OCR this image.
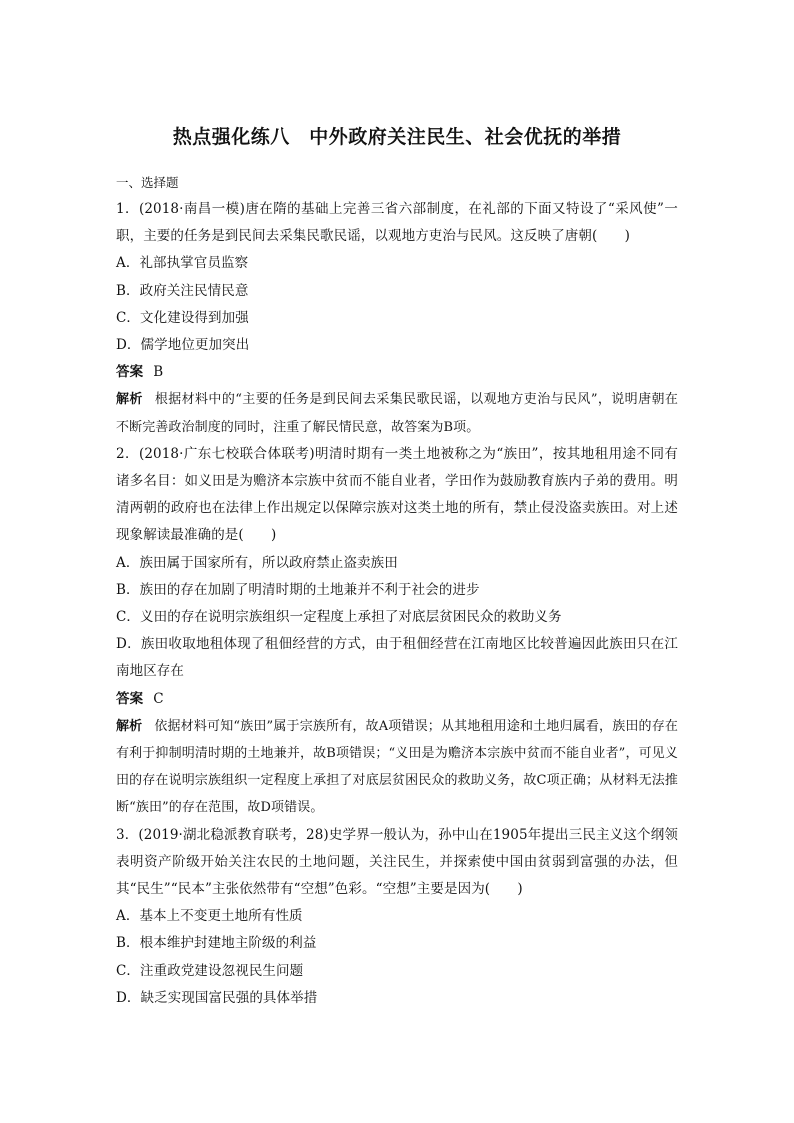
热点强化练八　中外政府关注民生、社会优抚的举措
一、选择题

1．(2018·南昌一模)唐在隋的基础上完善三省六部制度，在礼部的下面又特设了“采风使”一职，主要的任务是到民间去采集民歌民谣，以观地方吏治与民风。这反映了唐朝(　　)

A．礼部执掌官员监察

B．政府关注民情民意

C．文化建设得到加强

D．儒学地位更加突出

答案 B

解析 根据材料中的“主要的任务是到民间去采集民歌民谣，以观地方吏治与民风”，说明唐朝在不断完善政治制度的同时，注重了解民情民意，故答案为B项。

2．(2018·广东七校联合体联考)明清时期有一类土地被称之为“族田”，按其地租用途不同有诸多名目：如义田是为赡济本宗族中贫而不能自业者，学田作为鼓励教育族内子弟的费用。明清两朝的政府也在法律上作出规定以保障宗族对这类土地的所有，禁止侵没盗卖族田。对上述现象解读最准确的是(　　)

A．族田属于国家所有，所以政府禁止盗卖族田

B．族田的存在加剧了明清时期的土地兼并不利于社会的进步

C．义田的存在说明宗族组织一定程度上承担了对底层贫困民众的救助义务

D．族田收取地租体现了租佃经营的方式，由于租佃经营在江南地区比较普遍因此族田只在江南地区存在

答案 C

解析 依据材料可知“族田”属于宗族所有，故A项错误；从其地租用途和土地归属看，族田的存在有利于抑制明清时期的土地兼并，故B项错误；“义田是为赡济本宗族中贫而不能自业者”，可见义田的存在说明宗族组织一定程度上承担了对底层贫困民众的救助义务，故C项正确；从材料无法推断“族田”的存在范围，故D项错误。

3．(2019·湖北稳派教育联考，28)史学界一般认为，孙中山在1905年提出三民主义这个纲领表明资产阶级开始关注农民的土地问题，关注民生，并探索使中国由贫弱到富强的办法，但其“民生”“民本”主张依然带有“空想”色彩。“空想”主要是因为(　　)

A．基本上不变更土地所有性质

B．根本维护封建地主阶级的利益

C．注重政党建设忽视民生问题

D．缺乏实现国富民强的具体举措
